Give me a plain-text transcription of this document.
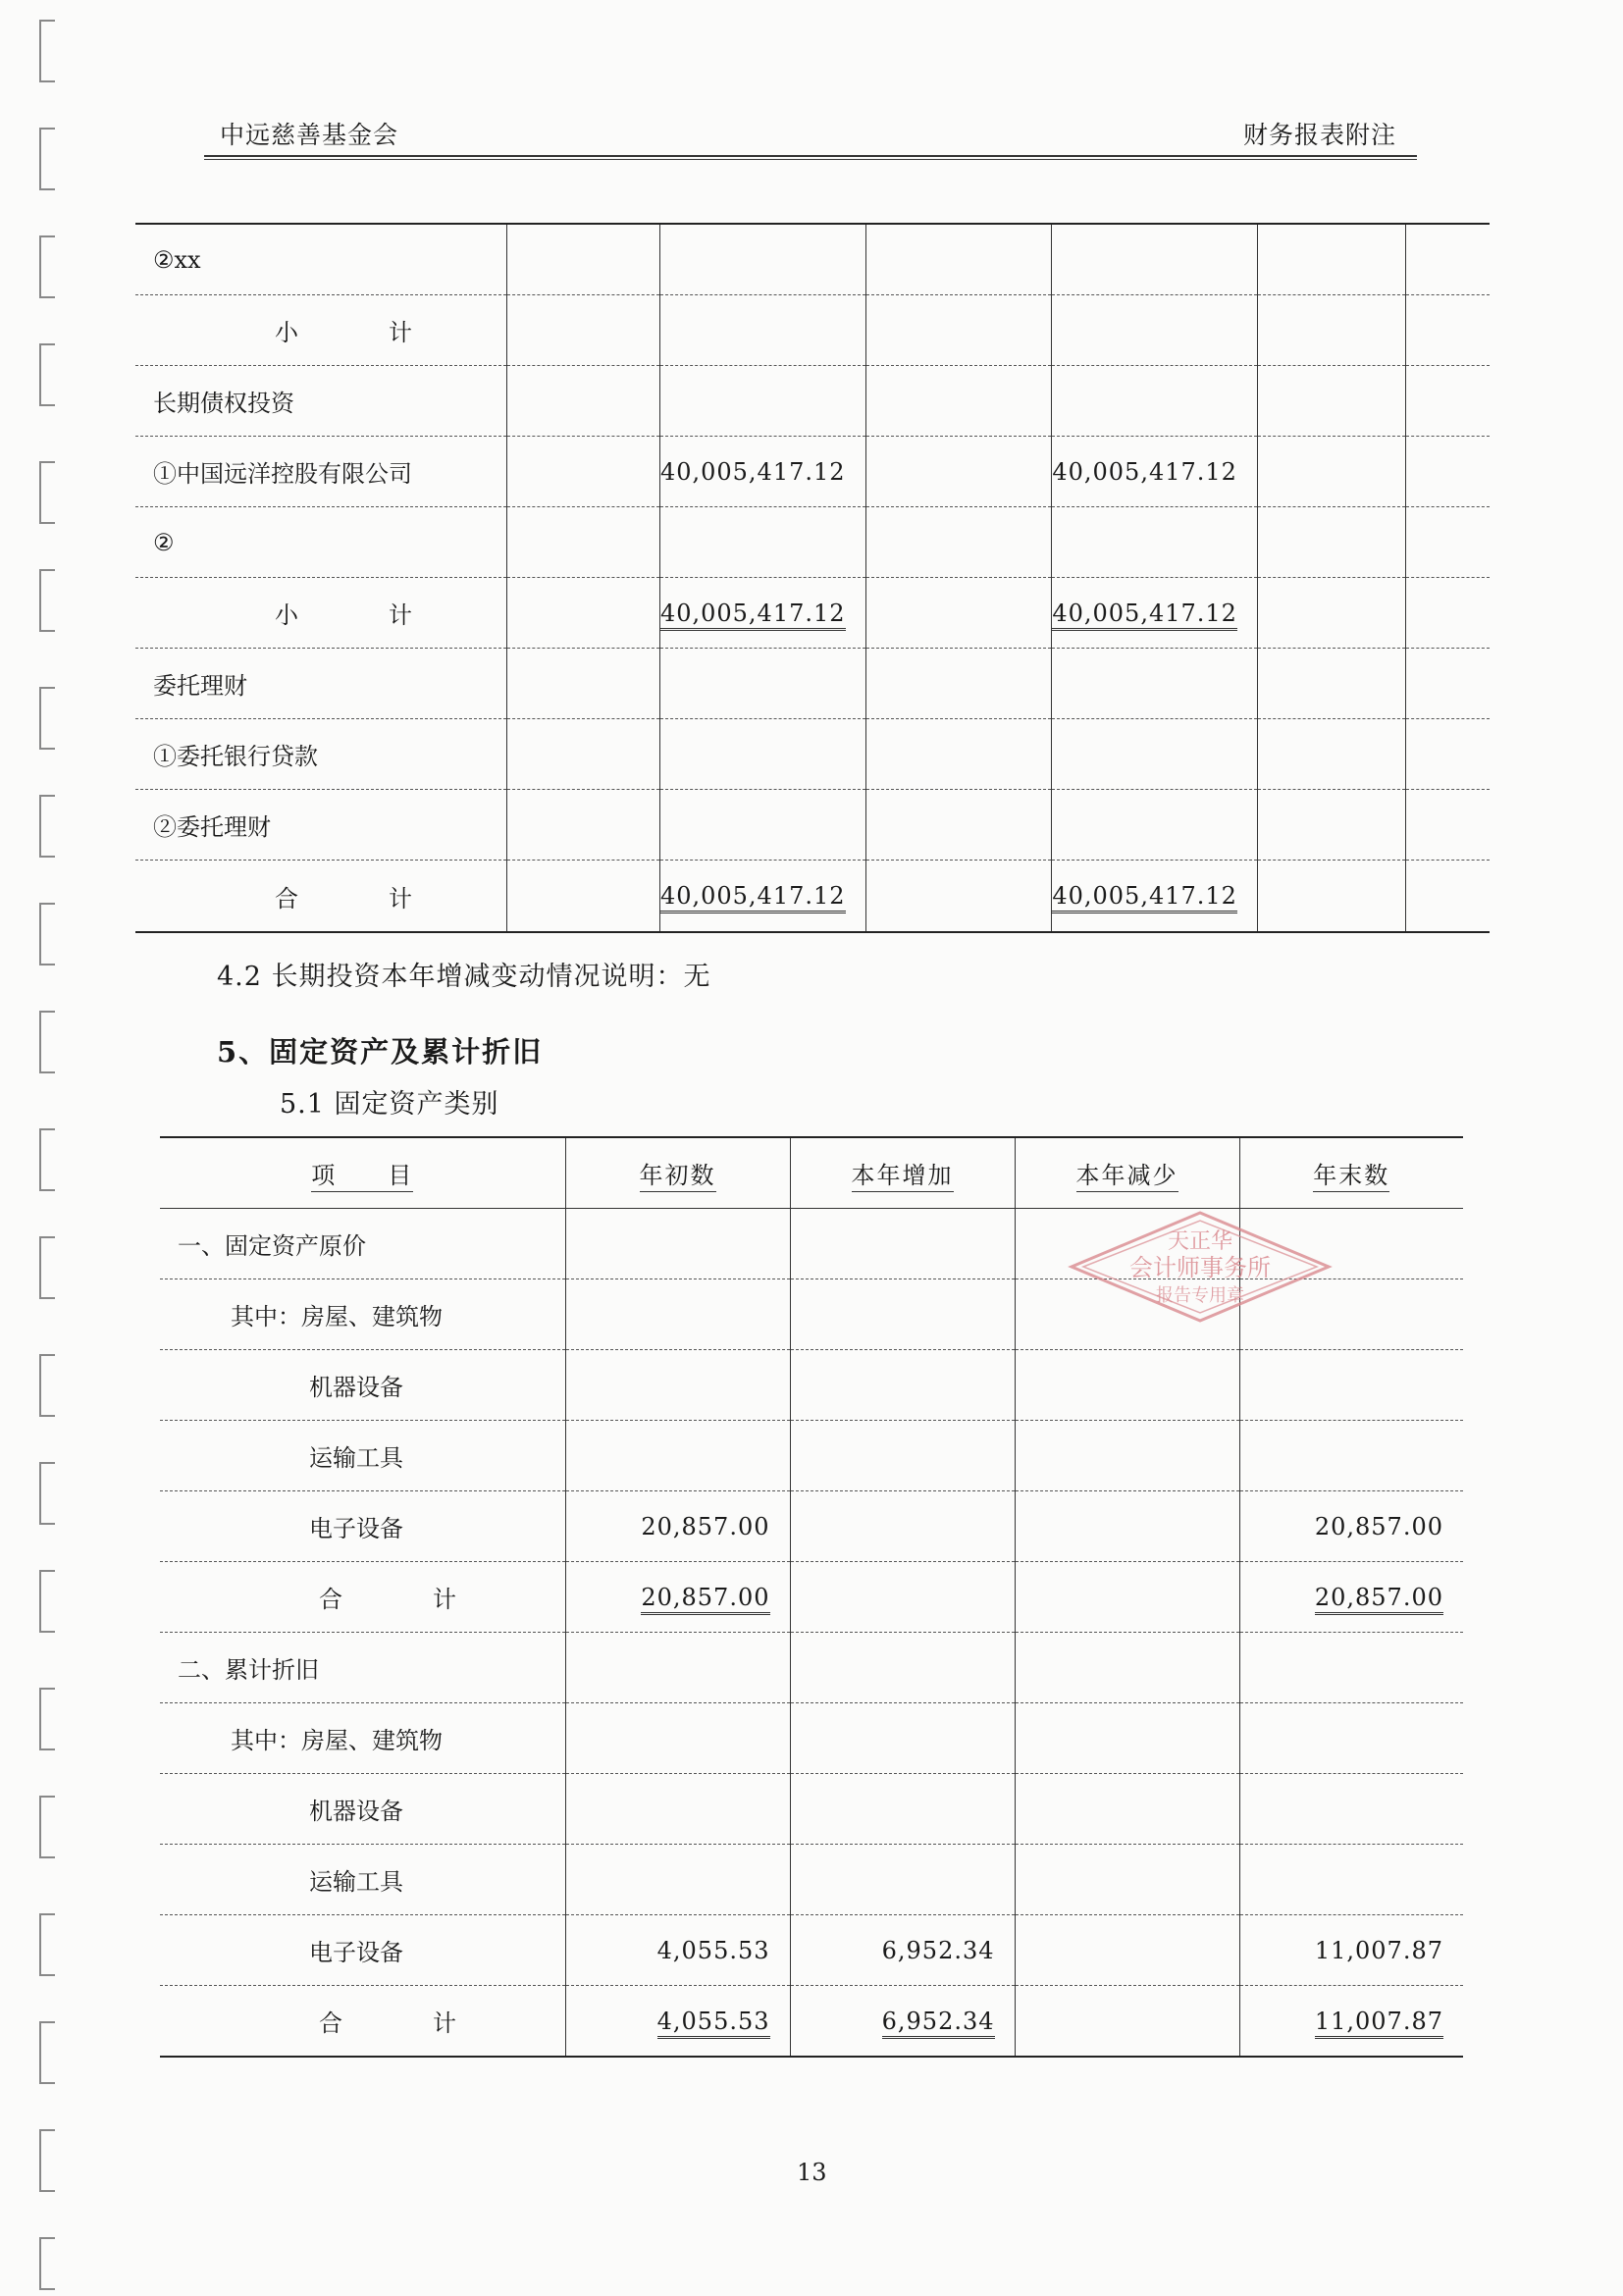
中远慈善基金会	财务报表附注
②xx						
小　计						
长期债权投资						
①中国远洋控股有限公司		40,005,417.12		40,005,417.12		
②						
小　计		40,005,417.12		40,005,417.12		
委托理财						
①委托银行贷款						
②委托理财						
合　计		40,005,417.12		40,005,417.12		
4.2 长期投资本年增减变动情况说明：无
5、固定资产及累计折旧
5.1 固定资产类别
项　　目	年初数	本年增加	本年减少	年末数
一、固定资产原价				
其中：房屋、建筑物				
机器设备				
运输工具				
电子设备	20,857.00			20,857.00
合　计	20,857.00			20,857.00
二、累计折旧				
其中：房屋、建筑物				
机器设备				
运输工具				
电子设备	4,055.53	6,952.34		11,007.87
合　计	4,055.53	6,952.34		11,007.87
天正华
会计师事务所
报告专用章
13
